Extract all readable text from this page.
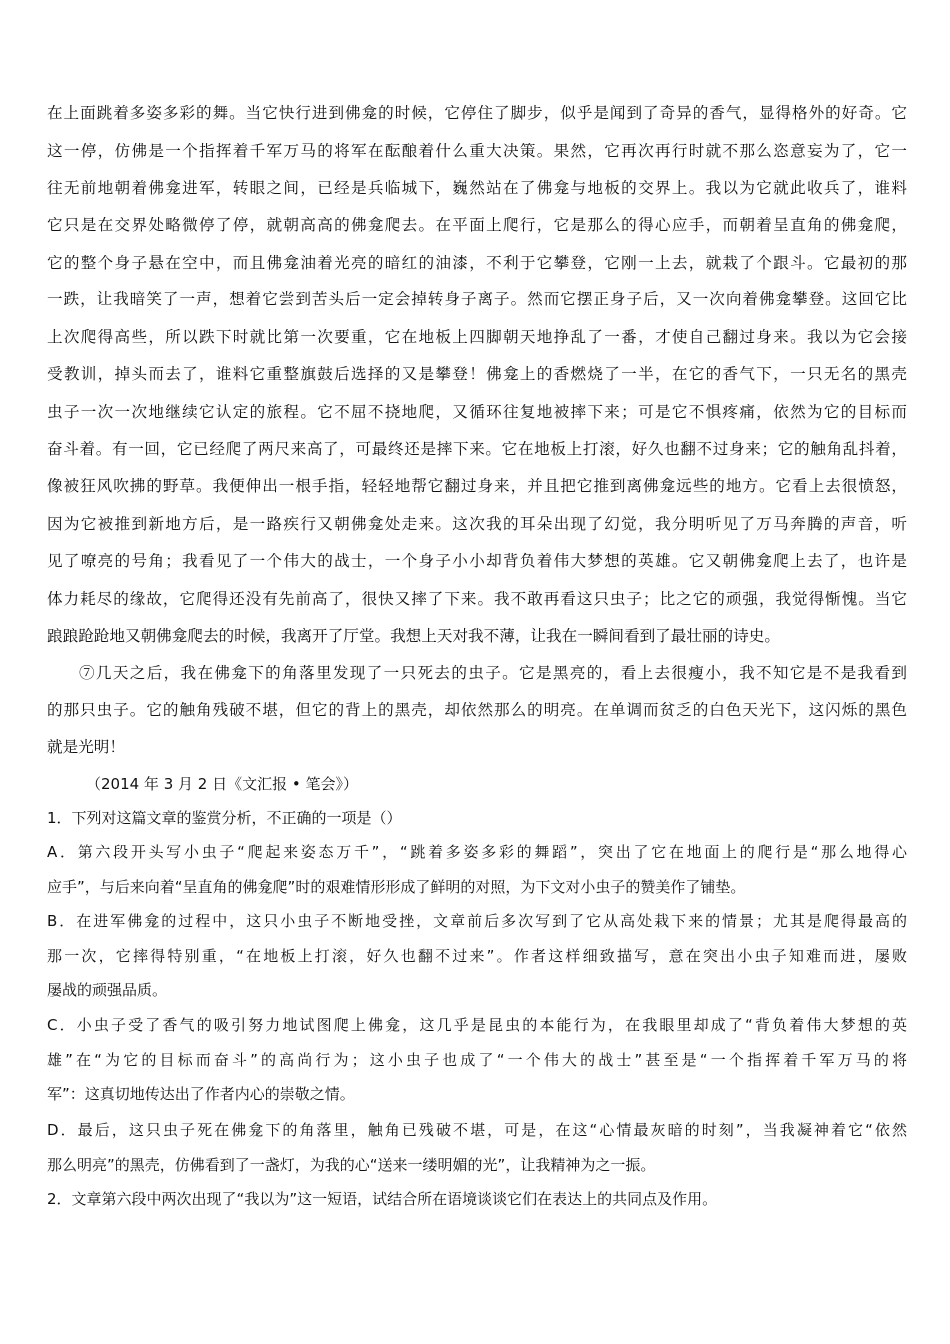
在上面跳着多姿多彩的舞。当它快行进到佛龛的时候，它停住了脚步，似乎是闻到了奇异的香气，显得格外的好奇。它
这一停，仿佛是一个指挥着千军万马的将军在酝酿着什么重大决策。果然，它再次再行时就不那么恣意妄为了，它一
往无前地朝着佛龛进军，转眼之间，已经是兵临城下，巍然站在了佛龛与地板的交界上。我以为它就此收兵了，谁料
它只是在交界处略微停了停，就朝高高的佛龛爬去。在平面上爬行，它是那么的得心应手，而朝着呈直角的佛龛爬，
它的整个身子悬在空中，而且佛龛油着光亮的暗红的油漆，不利于它攀登，它刚一上去，就栽了个跟斗。它最初的那
一跌，让我暗笑了一声，想着它尝到苦头后一定会掉转身子离子。然而它摆正身子后，又一次向着佛龛攀登。这回它比
上次爬得高些，所以跌下时就比第一次要重，它在地板上四脚朝天地挣乱了一番，才使自己翻过身来。我以为它会接
受教训，掉头而去了，谁料它重整旗鼓后选择的又是攀登！佛龛上的香燃烧了一半，在它的香气下，一只无名的黑壳
虫子一次一次地继续它认定的旅程。它不屈不挠地爬，又循环往复地被摔下来；可是它不惧疼痛，依然为它的目标而
奋斗着。有一回，它已经爬了两尺来高了，可最终还是摔下来。它在地板上打滚，好久也翻不过身来；它的触角乱抖着，
像被狂风吹拂的野草。我便伸出一根手指，轻轻地帮它翻过身来，并且把它推到离佛龛远些的地方。它看上去很愤怒，
因为它被推到新地方后，是一路疾行又朝佛龛处走来。这次我的耳朵出现了幻觉，我分明听见了万马奔腾的声音，听
见了嘹亮的号角；我看见了一个伟大的战士，一个身子小小却背负着伟大梦想的英雄。它又朝佛龛爬上去了，也许是
体力耗尽的缘故，它爬得还没有先前高了，很快又摔了下来。我不敢再看这只虫子；比之它的顽强，我觉得惭愧。当它
踉踉跄跄地又朝佛龛爬去的时候，我离开了厅堂。我想上天对我不薄，让我在一瞬间看到了最壮丽的诗史。
⑦几天之后，我在佛龛下的角落里发现了一只死去的虫子。它是黑亮的，看上去很瘦小，我不知它是不是我看到
的那只虫子。它的触角残破不堪，但它的背上的黑壳，却依然那么的明亮。在单调而贫乏的白色天光下，这闪烁的黑色
就是光明！
（2014 年 3 月 2 日《文汇报 • 笔会》）
1．下列对这篇文章的鉴赏分析，不正确的一项是（）
A．第六段开头写小虫子“爬起来姿态万千”，“跳着多姿多彩的舞蹈”，突出了它在地面上的爬行是“那么地得心
应手”，与后来向着“呈直角的佛龛爬”时的艰难情形形成了鲜明的对照，为下文对小虫子的赞美作了铺垫。
B．在进军佛龛的过程中，这只小虫子不断地受挫，文章前后多次写到了它从高处栽下来的情景；尤其是爬得最高的
那一次，它摔得特别重，“在地板上打滚，好久也翻不过来”。作者这样细致描写，意在突出小虫子知难而进，屡败
屡战的顽强品质。
C．小虫子受了香气的吸引努力地试图爬上佛龛，这几乎是昆虫的本能行为，在我眼里却成了“背负着伟大梦想的英
雄”在“为它的目标而奋斗”的高尚行为；这小虫子也成了“一个伟大的战士”甚至是“一个指挥着千军万马的将
军”：这真切地传达出了作者内心的崇敬之情。
D．最后，这只虫子死在佛龛下的角落里，触角已残破不堪，可是，在这“心情最灰暗的时刻”，当我凝神着它“依然
那么明亮”的黑壳，仿佛看到了一盏灯，为我的心“送来一缕明媚的光”，让我精神为之一振。
2．文章第六段中两次出现了“我以为”这一短语，试结合所在语境谈谈它们在表达上的共同点及作用。
